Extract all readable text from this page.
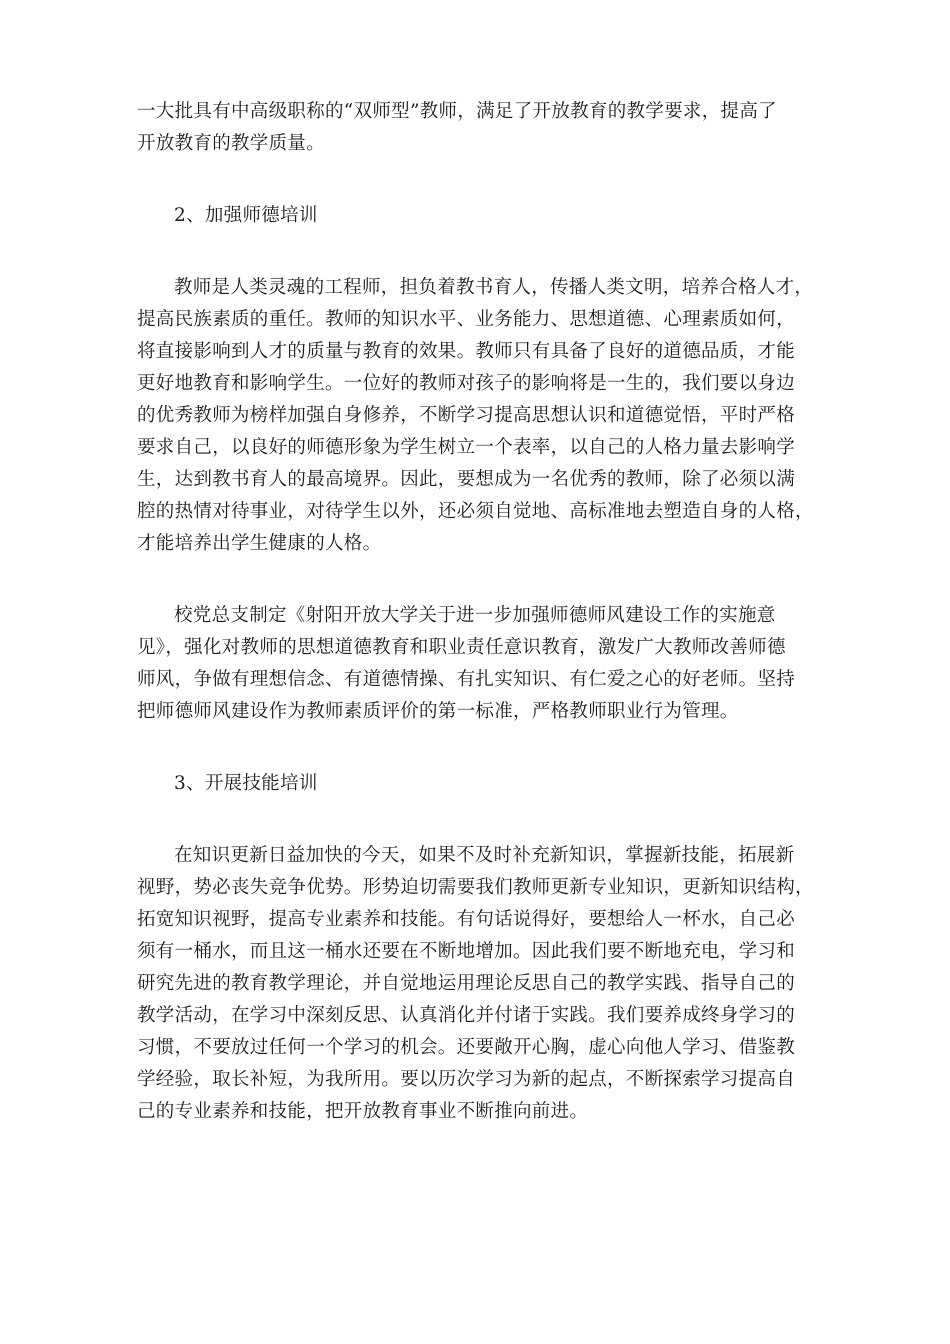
一大批具有中高级职称的“双师型”教师，满足了开放教育的教学要求，提高了
开放教育的教学质量。
2、加强师德培训
教师是人类灵魂的工程师，担负着教书育人，传播人类文明，培养合格人才，
提高民族素质的重任。教师的知识水平、业务能力、思想道德、心理素质如何，
将直接影响到人才的质量与教育的效果。教师只有具备了良好的道德品质，才能
更好地教育和影响学生。一位好的教师对孩子的影响将是一生的，我们要以身边
的优秀教师为榜样加强自身修养，不断学习提高思想认识和道德觉悟，平时严格
要求自己，以良好的师德形象为学生树立一个表率，以自己的人格力量去影响学
生，达到教书育人的最高境界。因此，要想成为一名优秀的教师，除了必须以满
腔的热情对待事业，对待学生以外，还必须自觉地、高标准地去塑造自身的人格，
才能培养出学生健康的人格。
校党总支制定《射阳开放大学关于进一步加强师德师风建设工作的实施意
见》，强化对教师的思想道德教育和职业责任意识教育，激发广大教师改善师德
师风，争做有理想信念、有道德情操、有扎实知识、有仁爱之心的好老师。坚持
把师德师风建设作为教师素质评价的第一标准，严格教师职业行为管理。
3、开展技能培训
在知识更新日益加快的今天，如果不及时补充新知识，掌握新技能，拓展新
视野，势必丧失竞争优势。形势迫切需要我们教师更新专业知识，更新知识结构，
拓宽知识视野，提高专业素养和技能。有句话说得好，要想给人一杯水，自己必
须有一桶水，而且这一桶水还要在不断地增加。因此我们要不断地充电，学习和
研究先进的教育教学理论，并自觉地运用理论反思自己的教学实践、指导自己的
教学活动，在学习中深刻反思、认真消化并付诸于实践。我们要养成终身学习的
习惯，不要放过任何一个学习的机会。还要敞开心胸，虚心向他人学习、借鉴教
学经验，取长补短，为我所用。要以历次学习为新的起点，不断探索学习提高自
己的专业素养和技能，把开放教育事业不断推向前进。
